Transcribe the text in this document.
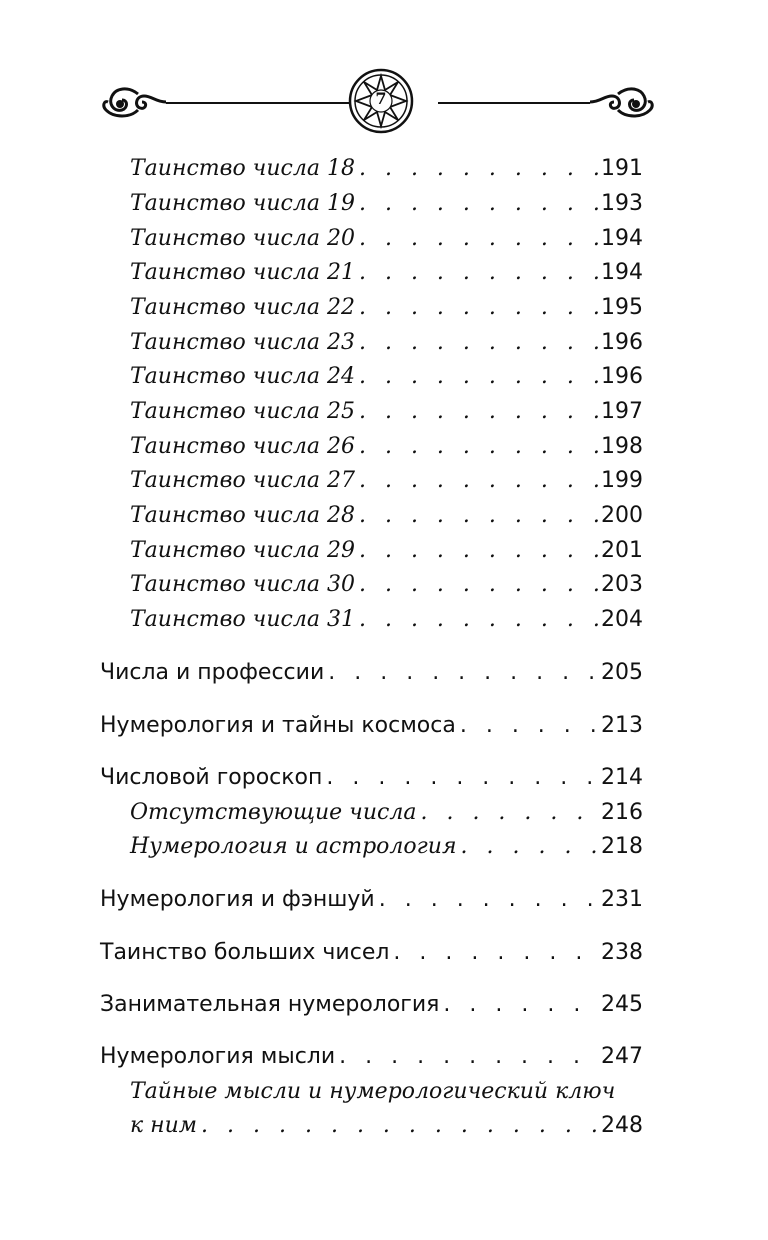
7
Таинство числа 18 . . .	191
Таинство числа 19 . . .	193
Таинство числа 20 . . .	194
Таинство числа 21 . . .	194
Таинство числа 22 . . .	195
Таинство числа 23 . . .	196
Таинство числа 24 . . .	196
Таинство числа 25 . . .	197
Таинство числа 26 . . .	198
Таинство числа 27 . . .	199
Таинство числа 28 . . .	200
Таинство числа 29 . . .	201
Таинство числа 30 . . .	203
Таинство числа 31 . . .	204
Числа и профессии . . .	205
Нумерология и тайны космоса . . .	213
Числовой гороскоп . . .	214
Отсутствующие числа . . .	216
Нумерология и астрология . . .	218
Нумерология и фэншуй . . .	231
Таинство больших чисел . . .	238
Занимательная нумерология . . .	245
Нумерология мысли . . .	247
Тайные мысли и нумерологический ключ
к ним . . .	248
